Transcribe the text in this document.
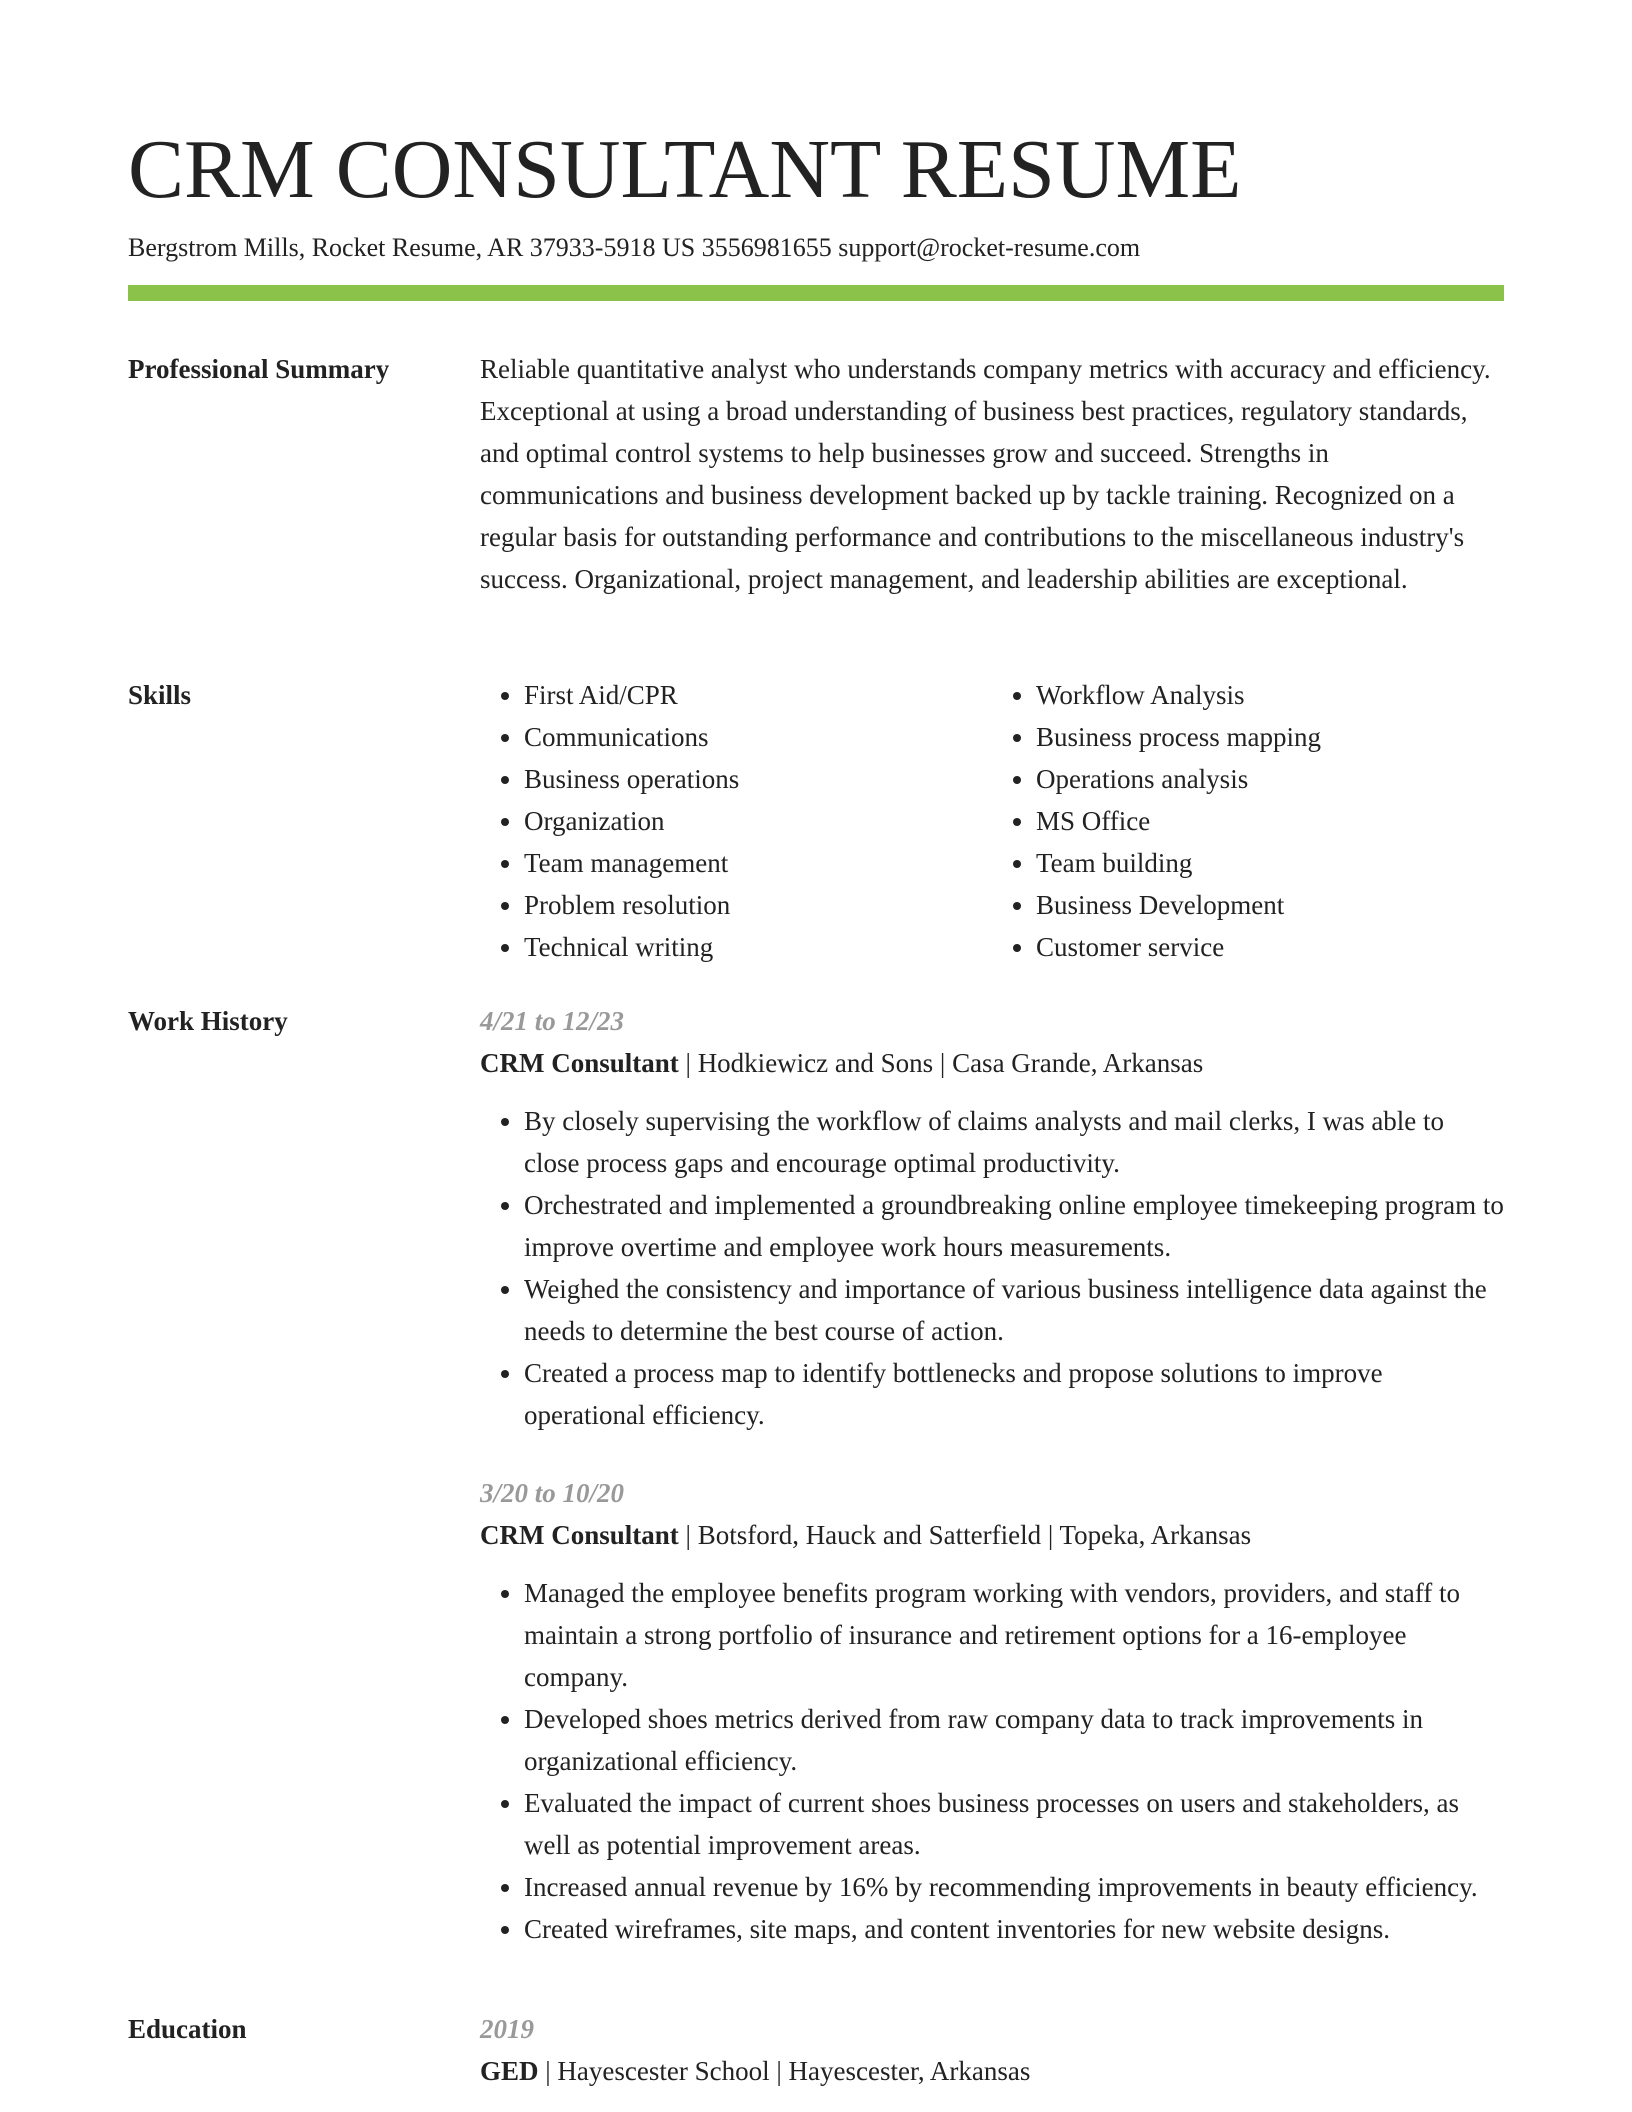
CRM CONSULTANT RESUME
Bergstrom Mills, Rocket Resume, AR 37933-5918 US 3556981655 support@rocket-resume.com
Professional Summary	Reliable quantitative analyst who understands company metrics with accuracy and efficiency. Exceptional at using a broad understanding of business best practices, regulatory standards, and optimal control systems to help businesses grow and succeed. Strengths in communications and business development backed up by tackle training. Recognized on a regular basis for outstanding performance and contributions to the miscellaneous industry's success. Organizational, project management, and leadership abilities are exceptional.

Skills	• First Aid/CPR
• Communications
• Business operations
• Organization
• Team management
• Problem resolution
• Technical writing
• Workflow Analysis
• Business process mapping
• Operations analysis
• MS Office
• Team building
• Business Development
• Customer service
Work History	4/21 to 12/23
CRM Consultant | Hodkiewicz and Sons | Casa Grande, Arkansas
• By closely supervising the workflow of claims analysts and mail clerks, I was able to close process gaps and encourage optimal productivity.
• Orchestrated and implemented a groundbreaking online employee timekeeping program to improve overtime and employee work hours measurements.
• Weighed the consistency and importance of various business intelligence data against the needs to determine the best course of action.
• Created a process map to identify bottlenecks and propose solutions to improve operational efficiency.
3/20 to 10/20
CRM Consultant | Botsford, Hauck and Satterfield | Topeka, Arkansas
• Managed the employee benefits program working with vendors, providers, and staff to maintain a strong portfolio of insurance and retirement options for a 16-employee company.
• Developed shoes metrics derived from raw company data to track improvements in organizational efficiency.
• Evaluated the impact of current shoes business processes on users and stakeholders, as well as potential improvement areas.
• Increased annual revenue by 16% by recommending improvements in beauty efficiency.
• Created wireframes, site maps, and content inventories for new website designs.
Education	2019
GED | Hayescester School | Hayescester, Arkansas
